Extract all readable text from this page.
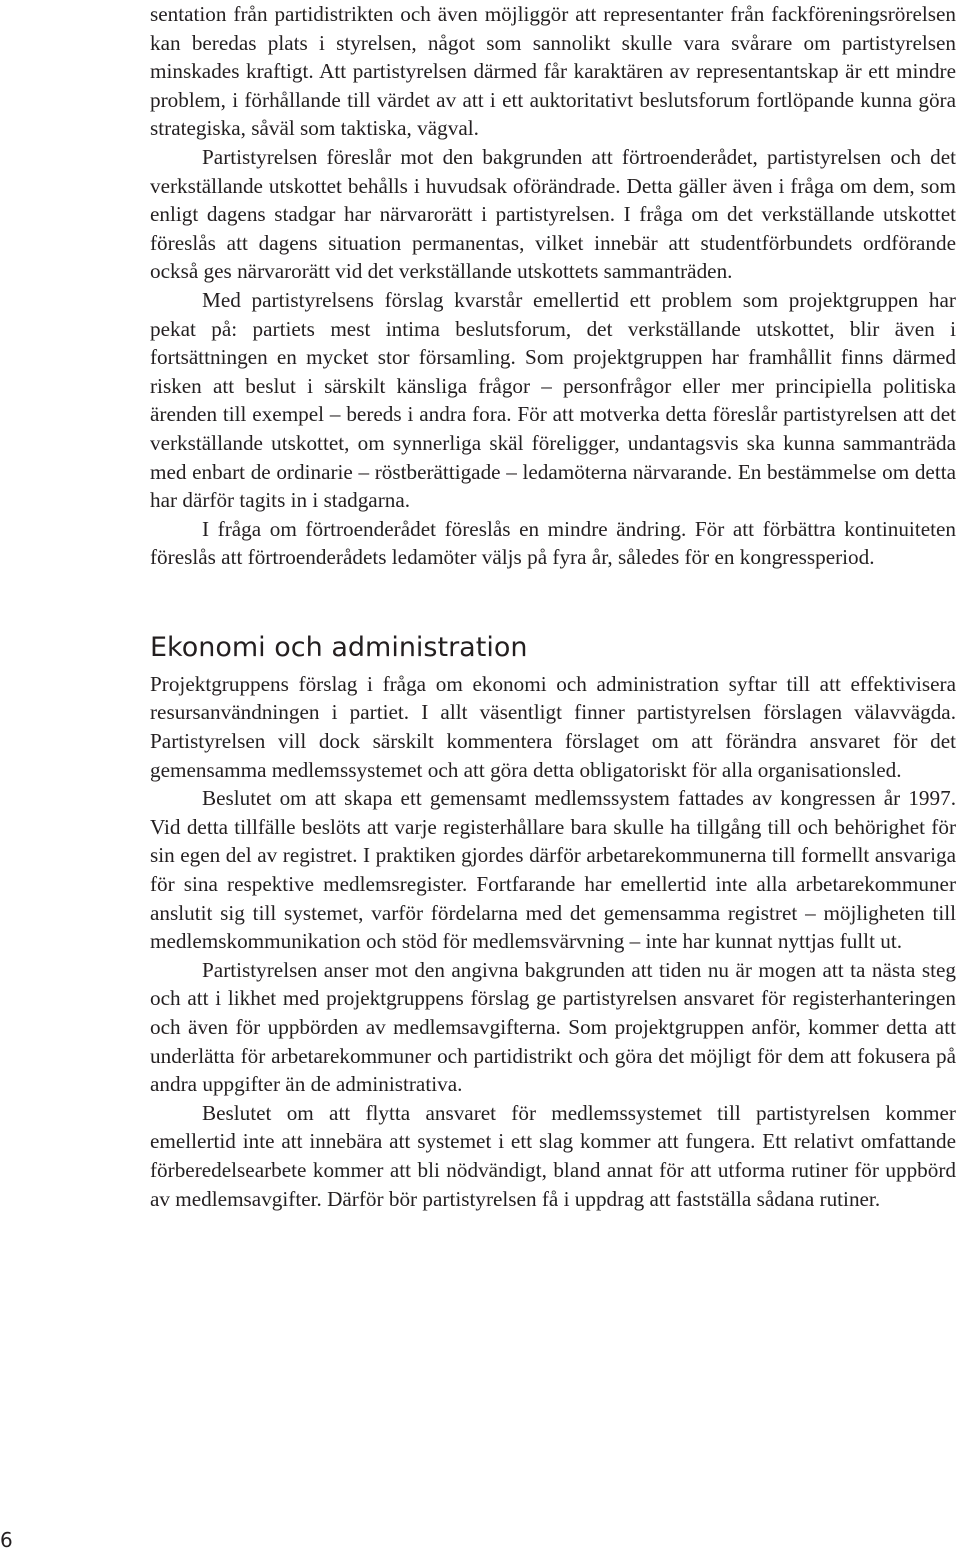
sentation från partidistrikten och även möjliggör att representanter från fackföreningsrörelsen kan beredas plats i styrelsen, något som sannolikt skulle vara svårare om partistyrelsen minskades kraftigt. Att partistyrelsen därmed får karaktären av representantskap är ett mindre problem, i förhållande till värdet av att i ett auktoritativt beslutsforum fortlöpande kunna göra strategiska, såväl som taktiska, vägval.

Partistyrelsen föreslår mot den bakgrunden att förtroenderådet, partistyrelsen och det verkställande utskottet behålls i huvudsak oförändrade. Detta gäller även i fråga om dem, som enligt dagens stadgar har närvarorätt i partistyrelsen. I fråga om det verkställande utskottet föreslås att dagens situation permanentas, vilket innebär att studentförbundets ordförande också ges närvarorätt vid det verkställande utskottets sammanträden.

Med partistyrelsens förslag kvarstår emellertid ett problem som projektgruppen har pekat på: partiets mest intima beslutsforum, det verkställande utskottet, blir även i fortsättningen en mycket stor församling. Som projektgruppen har framhållit finns därmed risken att beslut i särskilt känsliga frågor – personfrågor eller mer principiella politiska ärenden till exempel – bereds i andra fora. För att motverka detta föreslår partistyrelsen att det verkställande utskottet, om synnerliga skäl föreligger, undantagsvis ska kunna sammanträda med enbart de ordinarie – röstberättigade – ledamöterna närvarande. En bestämmelse om detta har därför tagits in i stadgarna.

I fråga om förtroenderådet föreslås en mindre ändring. För att förbättra kontinuiteten föreslås att förtroenderådets ledamöter väljs på fyra år, således för en kongressperiod.

Ekonomi och administration

Projektgruppens förslag i fråga om ekonomi och administration syftar till att effektivisera resursanvändningen i partiet. I allt väsentligt finner partistyrelsen förslagen välavvägda. Partistyrelsen vill dock särskilt kommentera förslaget om att förändra ansvaret för det gemensamma medlemssystemet och att göra detta obligatoriskt för alla organisationsled.

Beslutet om att skapa ett gemensamt medlemssystem fattades av kongressen år 1997. Vid detta tillfälle beslöts att varje registerhållare bara skulle ha tillgång till och behörighet för sin egen del av registret. I praktiken gjordes därför arbetarekommunerna till formellt ansvariga för sina respektive medlemsregister. Fortfarande har emellertid inte alla arbetarekommuner anslutit sig till systemet, varför fördelarna med det gemensamma registret – möjligheten till medlemskommunikation och stöd för medlemsvärvning – inte har kunnat nyttjas fullt ut.

Partistyrelsen anser mot den angivna bakgrunden att tiden nu är mogen att ta nästa steg och att i likhet med projektgruppens förslag ge partistyrelsen ansvaret för registerhanteringen och även för uppbörden av medlemsavgifterna. Som projektgruppen anför, kommer detta att underlätta för arbetarekommuner och partidistrikt och göra det möjligt för dem att fokusera på andra uppgifter än de administrativa.

Beslutet om att flytta ansvaret för medlemssystemet till partistyrelsen kommer emellertid inte att innebära att systemet i ett slag kommer att fungera. Ett relativt omfattande förberedelsearbete kommer att bli nödvändigt, bland annat för att utforma rutiner för uppbörd av medlemsavgifter. Därför bör partistyrelsen få i uppdrag att fastställa sådana rutiner.

6
